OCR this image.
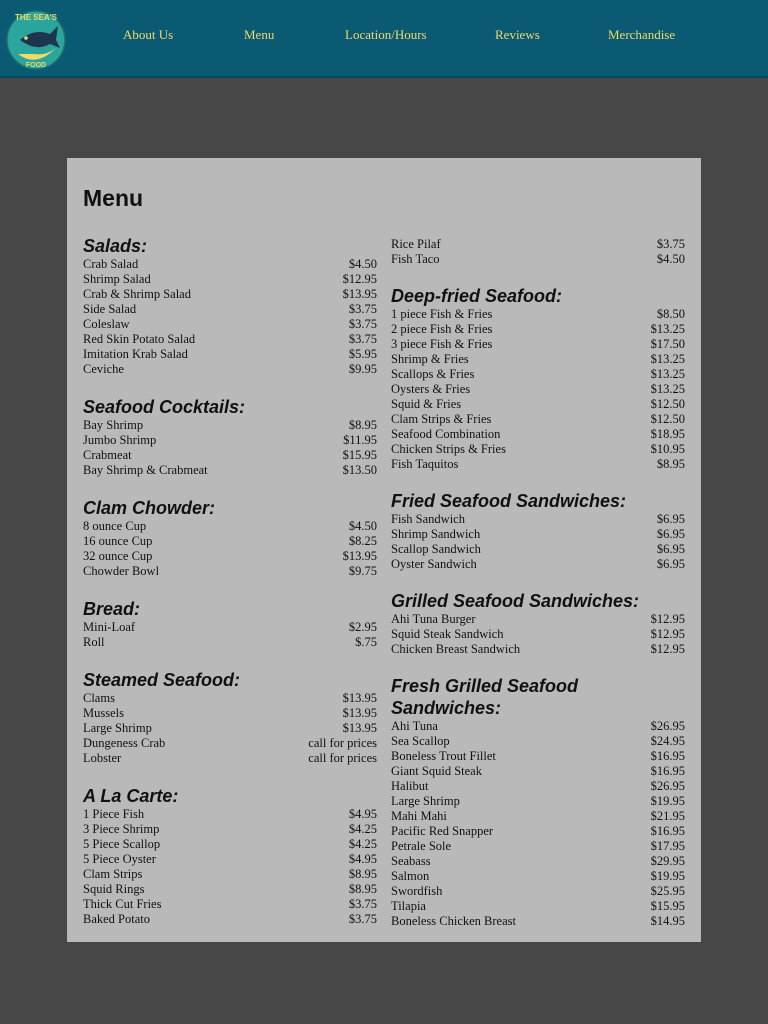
THE SEA'S
FOOD
About Us	Menu	Location/Hours	Reviews	Merchandise
Menu
Salads:
Crab Salad	$4.50
Shrimp Salad	$12.95
Crab & Shrimp Salad	$13.95
Side Salad	$3.75
Coleslaw	$3.75
Red Skin Potato Salad	$3.75
Imitation Krab Salad	$5.95
Ceviche	$9.95
Seafood Cocktails:
Bay Shrimp	$8.95
Jumbo Shrimp	$11.95
Crabmeat	$15.95
Bay Shrimp & Crabmeat	$13.50
Clam Chowder:
8 ounce Cup	$4.50
16 ounce Cup	$8.25
32 ounce Cup	$13.95
Chowder Bowl	$9.75
Bread:
Mini-Loaf	$2.95
Roll	$.75
Steamed Seafood:
Clams	$13.95
Mussels	$13.95
Large Shrimp	$13.95
Dungeness Crab	call for prices
Lobster	call for prices
A La Carte:
1 Piece Fish	$4.95
3 Piece Shrimp	$4.25
5 Piece Scallop	$4.25
5 Piece Oyster	$4.95
Clam Strips	$8.95
Squid Rings	$8.95
Thick Cut Fries	$3.75
Baked Potato	$3.75
Rice Pilaf	$3.75
Fish Taco	$4.50
Deep-fried Seafood:
1 piece Fish & Fries	$8.50
2 piece Fish & Fries	$13.25
3 piece Fish & Fries	$17.50
Shrimp & Fries	$13.25
Scallops & Fries	$13.25
Oysters & Fries	$13.25
Squid & Fries	$12.50
Clam Strips & Fries	$12.50
Seafood Combination	$18.95
Chicken Strips & Fries	$10.95
Fish Taquitos	$8.95
Fried Seafood Sandwiches:
Fish Sandwich	$6.95
Shrimp Sandwich	$6.95
Scallop Sandwich	$6.95
Oyster Sandwich	$6.95
Grilled Seafood Sandwiches:
Ahi Tuna Burger	$12.95
Squid Steak Sandwich	$12.95
Chicken Breast Sandwich	$12.95
Fresh Grilled Seafood Sandwiches:
Ahi Tuna	$26.95
Sea Scallop	$24.95
Boneless Trout Fillet	$16.95
Giant Squid Steak	$16.95
Halibut	$26.95
Large Shrimp	$19.95
Mahi Mahi	$21.95
Pacific Red Snapper	$16.95
Petrale Sole	$17.95
Seabass	$29.95
Salmon	$19.95
Swordfish	$25.95
Tilapia	$15.95
Boneless Chicken Breast	$14.95
